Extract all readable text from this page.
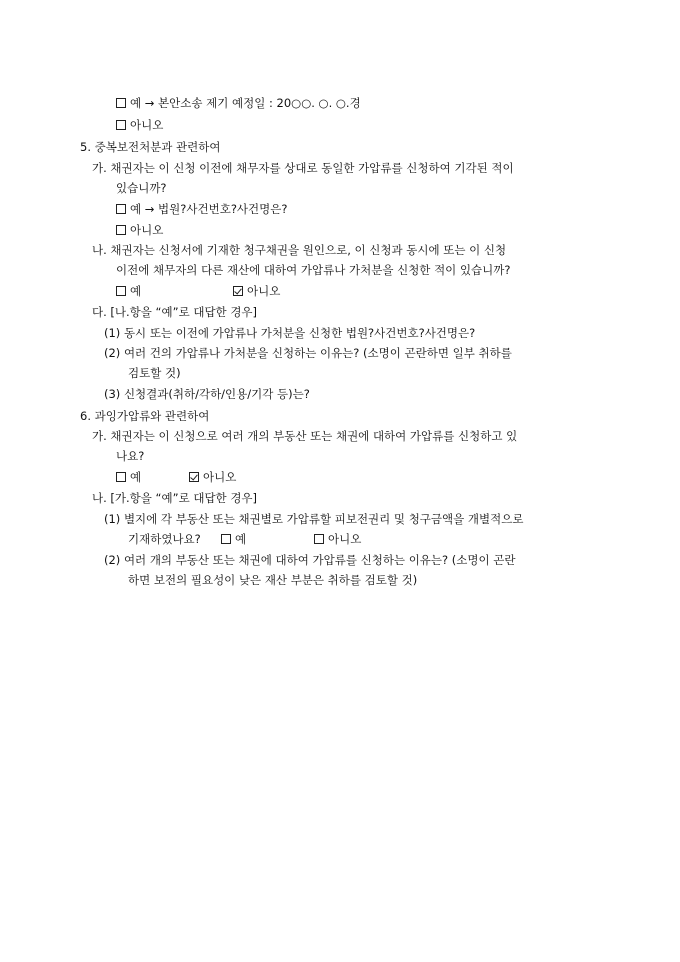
예 → 본안소송 제기 예정일 : 20○○. ○. ○.경
아니오
5. 중복보전처분과 관련하여
가. 채권자는 이 신청 이전에 채무자를 상대로 동일한 가압류를 신청하여 기각된 적이
있습니까?
예 → 법원?사건번호?사건명은?
아니오
나. 채권자는 신청서에 기재한 청구채권을 원인으로, 이 신청과 동시에 또는 이 신청
이전에 채무자의 다른 재산에 대하여 가압류나 가처분을 신청한 적이 있습니까?
예	아니오
다. [나.항을 “예”로 대답한 경우]
(1) 동시 또는 이전에 가압류나 가처분을 신청한 법원?사건번호?사건명은?
(2) 여러 건의 가압류나 가처분을 신청하는 이유는? (소명이 곤란하면 일부 취하를
검토할 것)
(3) 신청결과(취하/각하/인용/기각 등)는?
6. 과잉가압류와 관련하여
가. 채권자는 이 신청으로 여러 개의 부동산 또는 채권에 대하여 가압류를 신청하고 있
나요?
예	아니오
나. [가.항을 “예”로 대답한 경우]
(1) 별지에 각 부동산 또는 채권별로 가압류할 피보전권리 및 청구금액을 개별적으로
기재하였나요?	예	아니오
(2) 여러 개의 부동산 또는 채권에 대하여 가압류를 신청하는 이유는? (소명이 곤란
하면 보전의 필요성이 낮은 재산 부분은 취하를 검토할 것)
